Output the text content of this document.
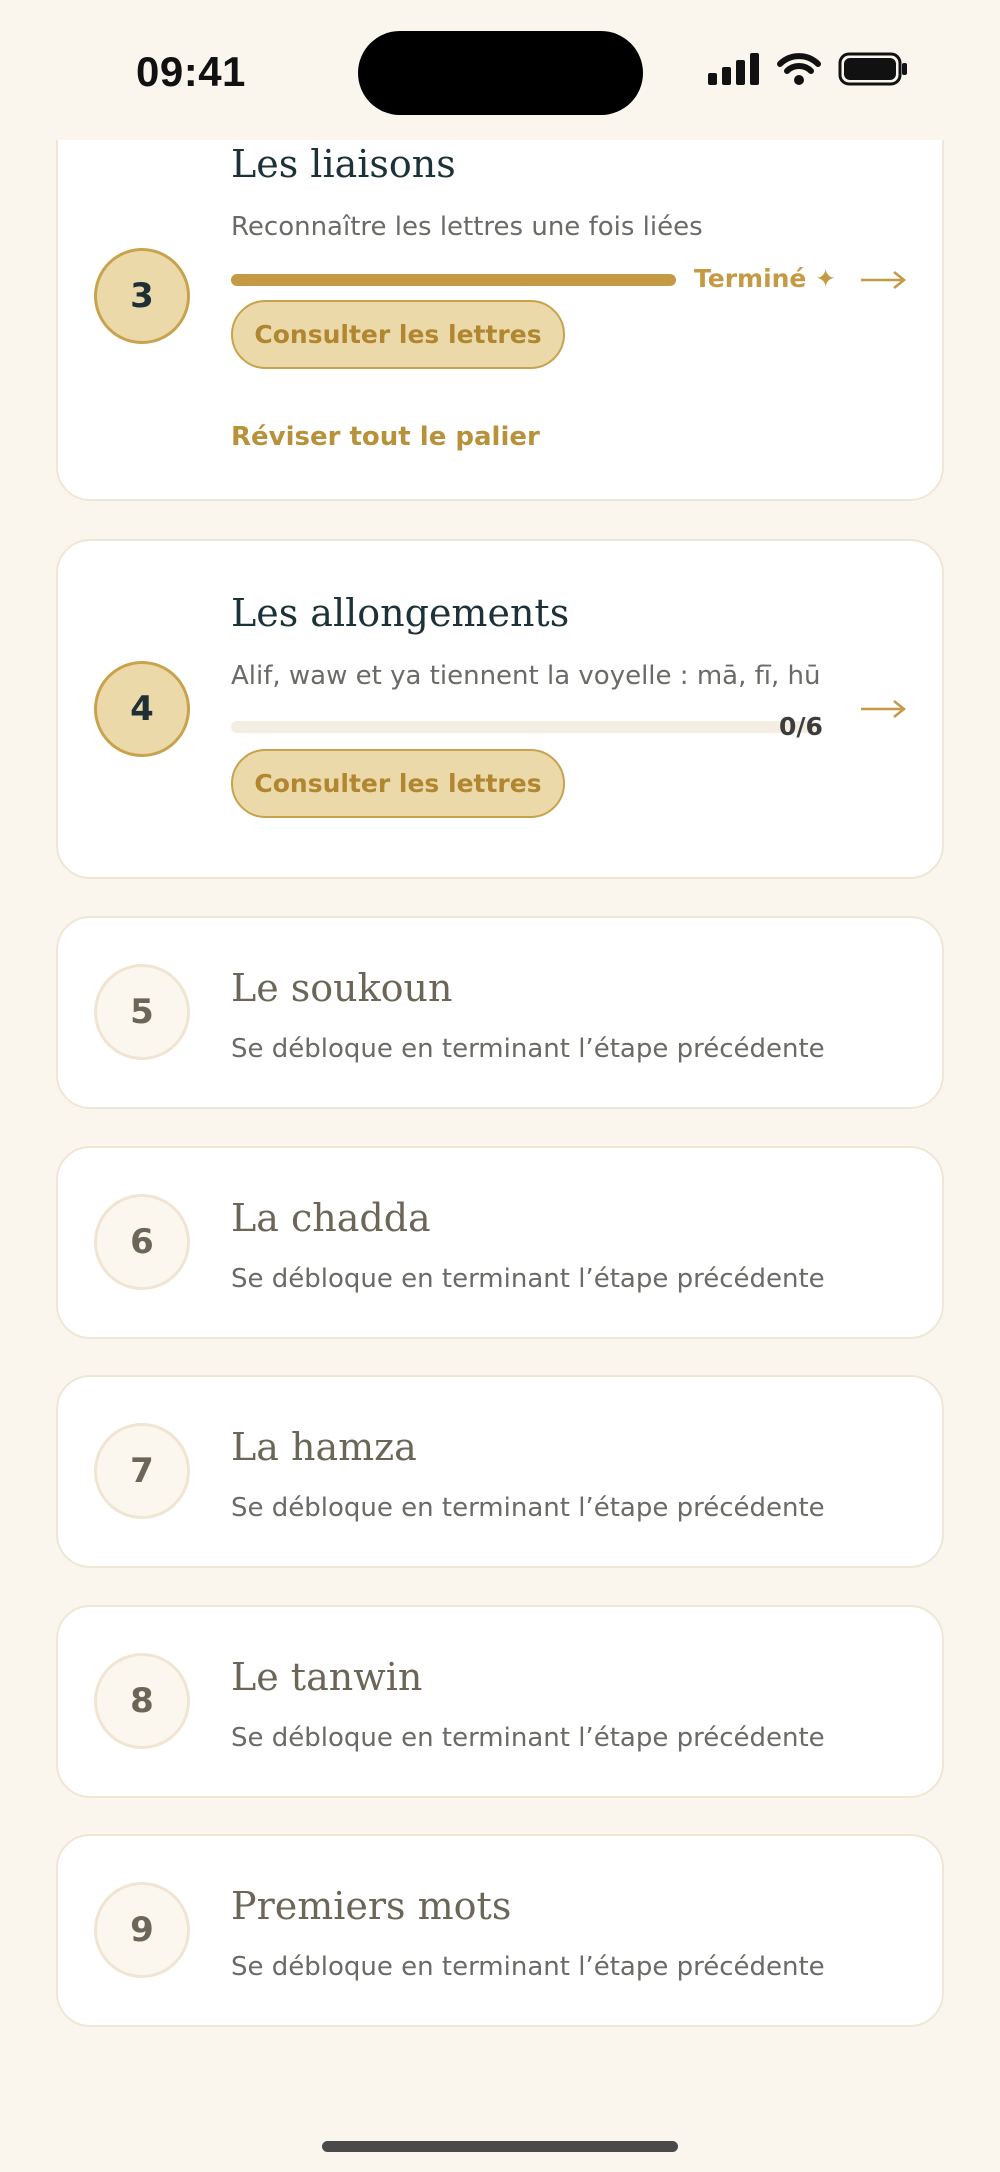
09:41
3
Les liaisons
Reconnaître les lettres une fois liées
Terminé ✦
Consulter les lettres
Réviser tout le palier
4
Les allongements
Alif, waw et ya tiennent la voyelle : mā, fī, hū
0/6
Consulter les lettres
5
Le soukoun
Se débloque en terminant l’étape précédente
6
La chadda
Se débloque en terminant l’étape précédente
7
La hamza
Se débloque en terminant l’étape précédente
8
Le tanwin
Se débloque en terminant l’étape précédente
9
Premiers mots
Se débloque en terminant l’étape précédente
